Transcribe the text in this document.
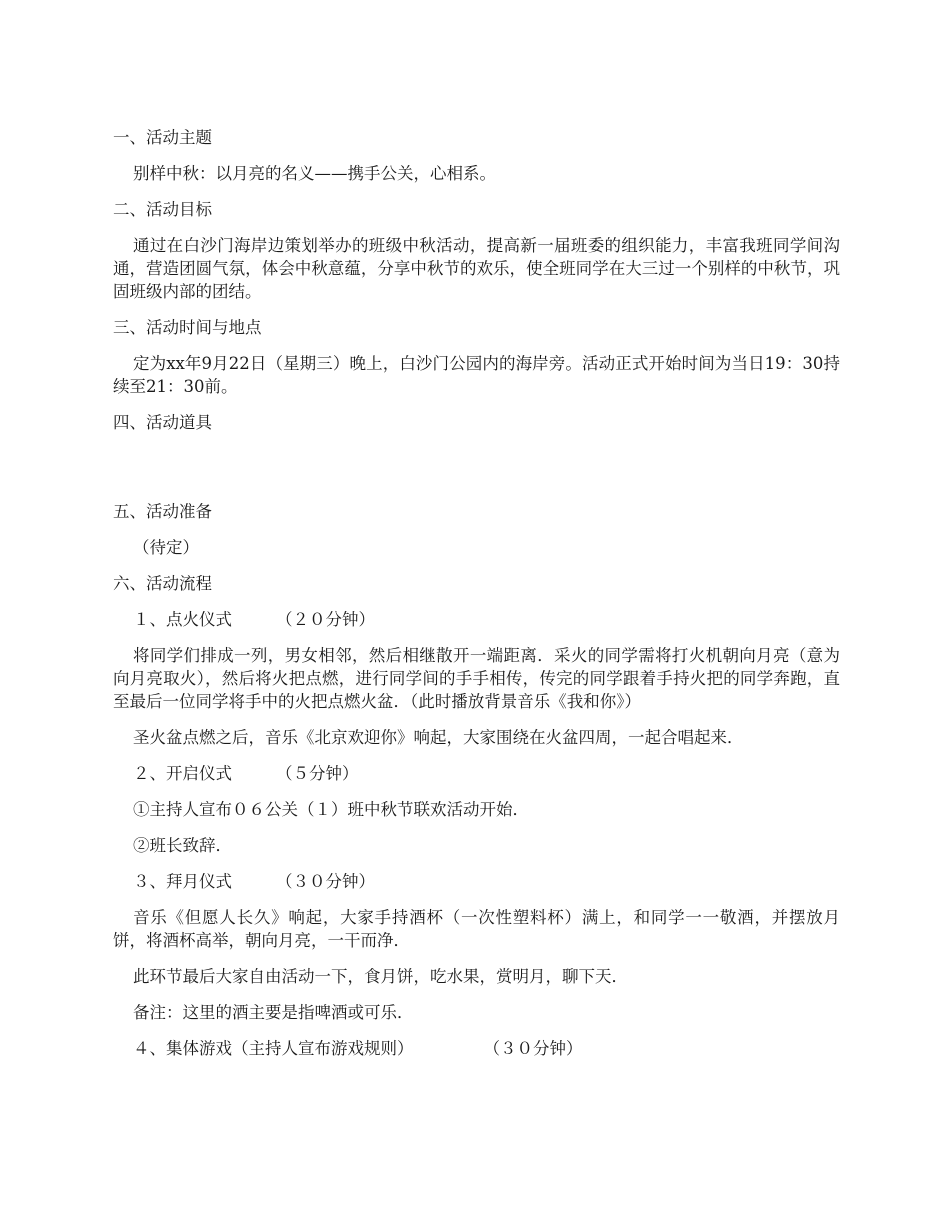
一、活动主题

别样中秋：以月亮的名义——携手公关，心相系。

二、活动目标

通过在白沙门海岸边策划举办的班级中秋活动，提高新一届班委的组织能力，丰富我班同学间沟通，营造团圆气氛，体会中秋意蕴，分享中秋节的欢乐，使全班同学在大三过一个别样的中秋节，巩固班级内部的团结。

三、活动时间与地点

定为xx年9月22日（星期三）晚上，白沙门公园内的海岸旁。活动正式开始时间为当日19：30持续至21：30前。

四、活动道具

五、活动准备

（待定）

六、活动流程

１、点火仪式	（２０分钟）

将同学们排成一列，男女相邻，然后相继散开一端距离．采火的同学需将打火机朝向月亮（意为向月亮取火），然后将火把点燃，进行同学间的手手相传，传完的同学跟着手持火把的同学奔跑，直至最后一位同学将手中的火把点燃火盆．（此时播放背景音乐《我和你》）

圣火盆点燃之后，音乐《北京欢迎你》响起，大家围绕在火盆四周，一起合唱起来．

２、开启仪式	（５分钟）

①主持人宣布０６公关（１）班中秋节联欢活动开始．

②班长致辞．

３、拜月仪式	（３０分钟）

音乐《但愿人长久》响起，大家手持酒杯（一次性塑料杯）满上，和同学一一敬酒，并摆放月饼，将酒杯高举，朝向月亮，一干而净．

此环节最后大家自由活动一下，食月饼，吃水果，赏明月，聊下天．

备注：这里的酒主要是指啤酒或可乐．

４、集体游戏（主持人宣布游戏规则）	（３０分钟）
